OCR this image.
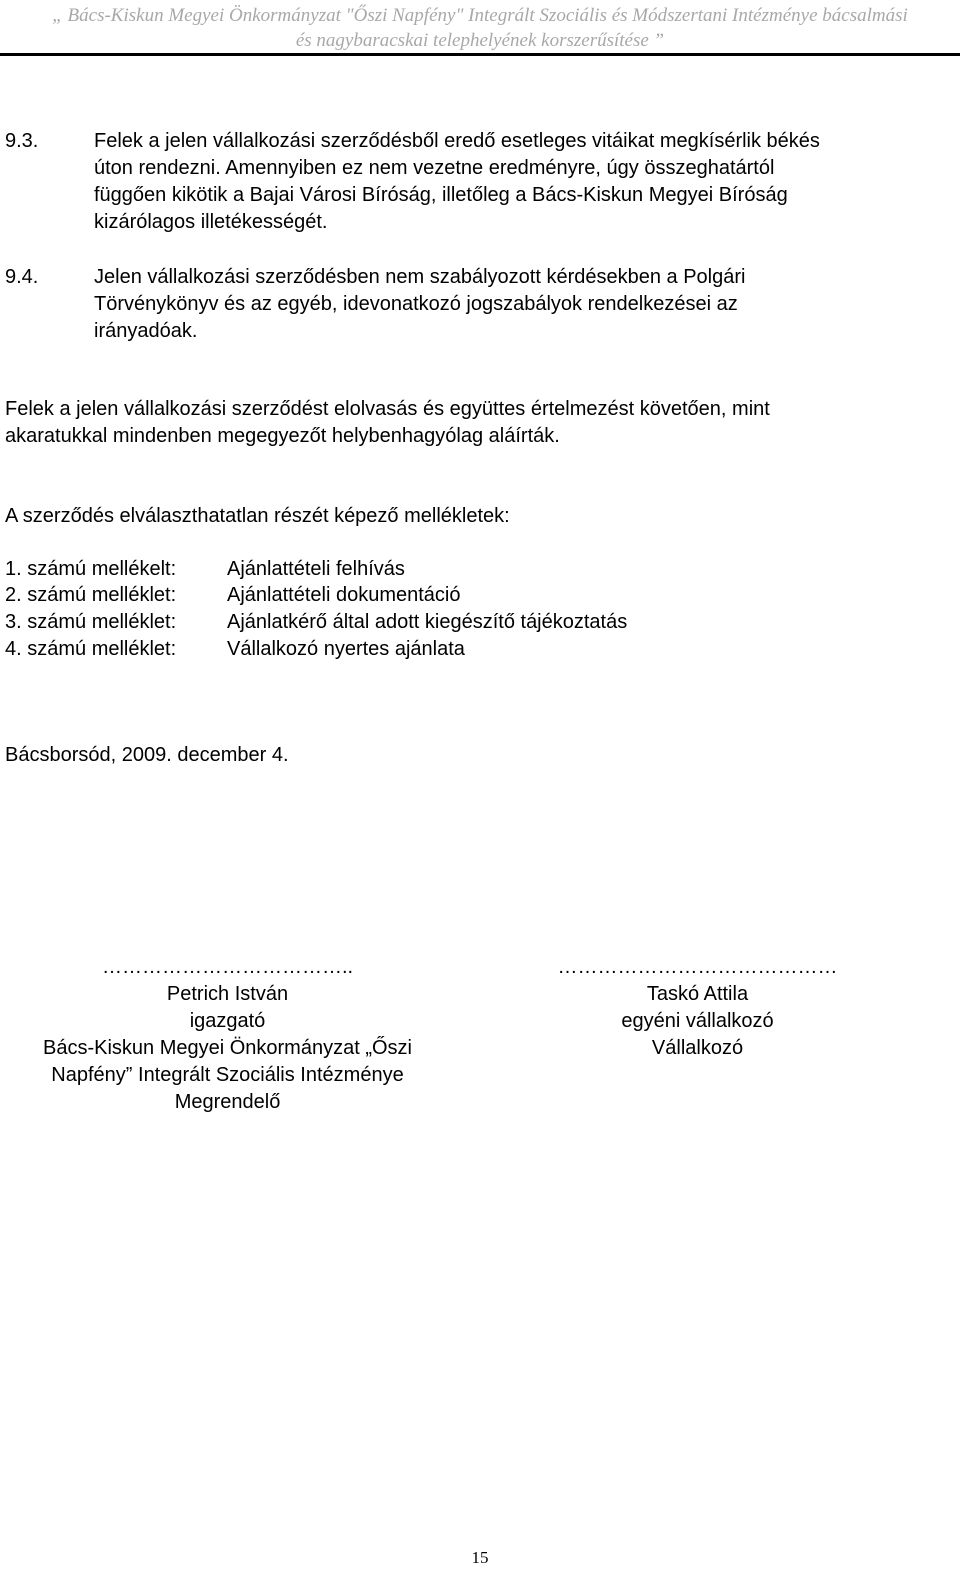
„ Bács-Kiskun Megyei Önkormányzat "Őszi Napfény" Integrált Szociális és Módszertani Intézménye bácsalmási
és nagybaracskai telephelyének korszerűsítése ”
9.3.	Felek a jelen vállalkozási szerződésből eredő esetleges vitáikat megkísérlik békés
úton rendezni. Amennyiben ez nem vezetne eredményre, úgy összeghatártól
függően kikötik a Bajai Városi Bíróság, illetőleg a Bács-Kiskun Megyei Bíróság
kizárólagos illetékességét.
9.4.	Jelen vállalkozási szerződésben nem szabályozott kérdésekben a Polgári
Törvénykönyv és az egyéb, idevonatkozó jogszabályok rendelkezései az
irányadóak.
Felek a jelen vállalkozási szerződést elolvasás és együttes értelmezést követően, mint
akaratukkal mindenben megegyezőt helybenhagyólag aláírták.
A szerződés elválaszthatatlan részét képező mellékletek:
1. számú mellékelt:	Ajánlattételi felhívás
2. számú melléklet:	Ajánlattételi dokumentáció
3. számú melléklet:	Ajánlatkérő által adott kiegészítő tájékoztatás
4. számú melléklet:	Vállalkozó nyertes ajánlata
Bácsborsód, 2009. december 4.
………………………………..
Petrich István
igazgató
Bács-Kiskun Megyei Önkormányzat „Őszi
Napfény” Integrált Szociális Intézménye
Megrendelő
……………………………………
Taskó Attila
egyéni vállalkozó
Vállalkozó
15
